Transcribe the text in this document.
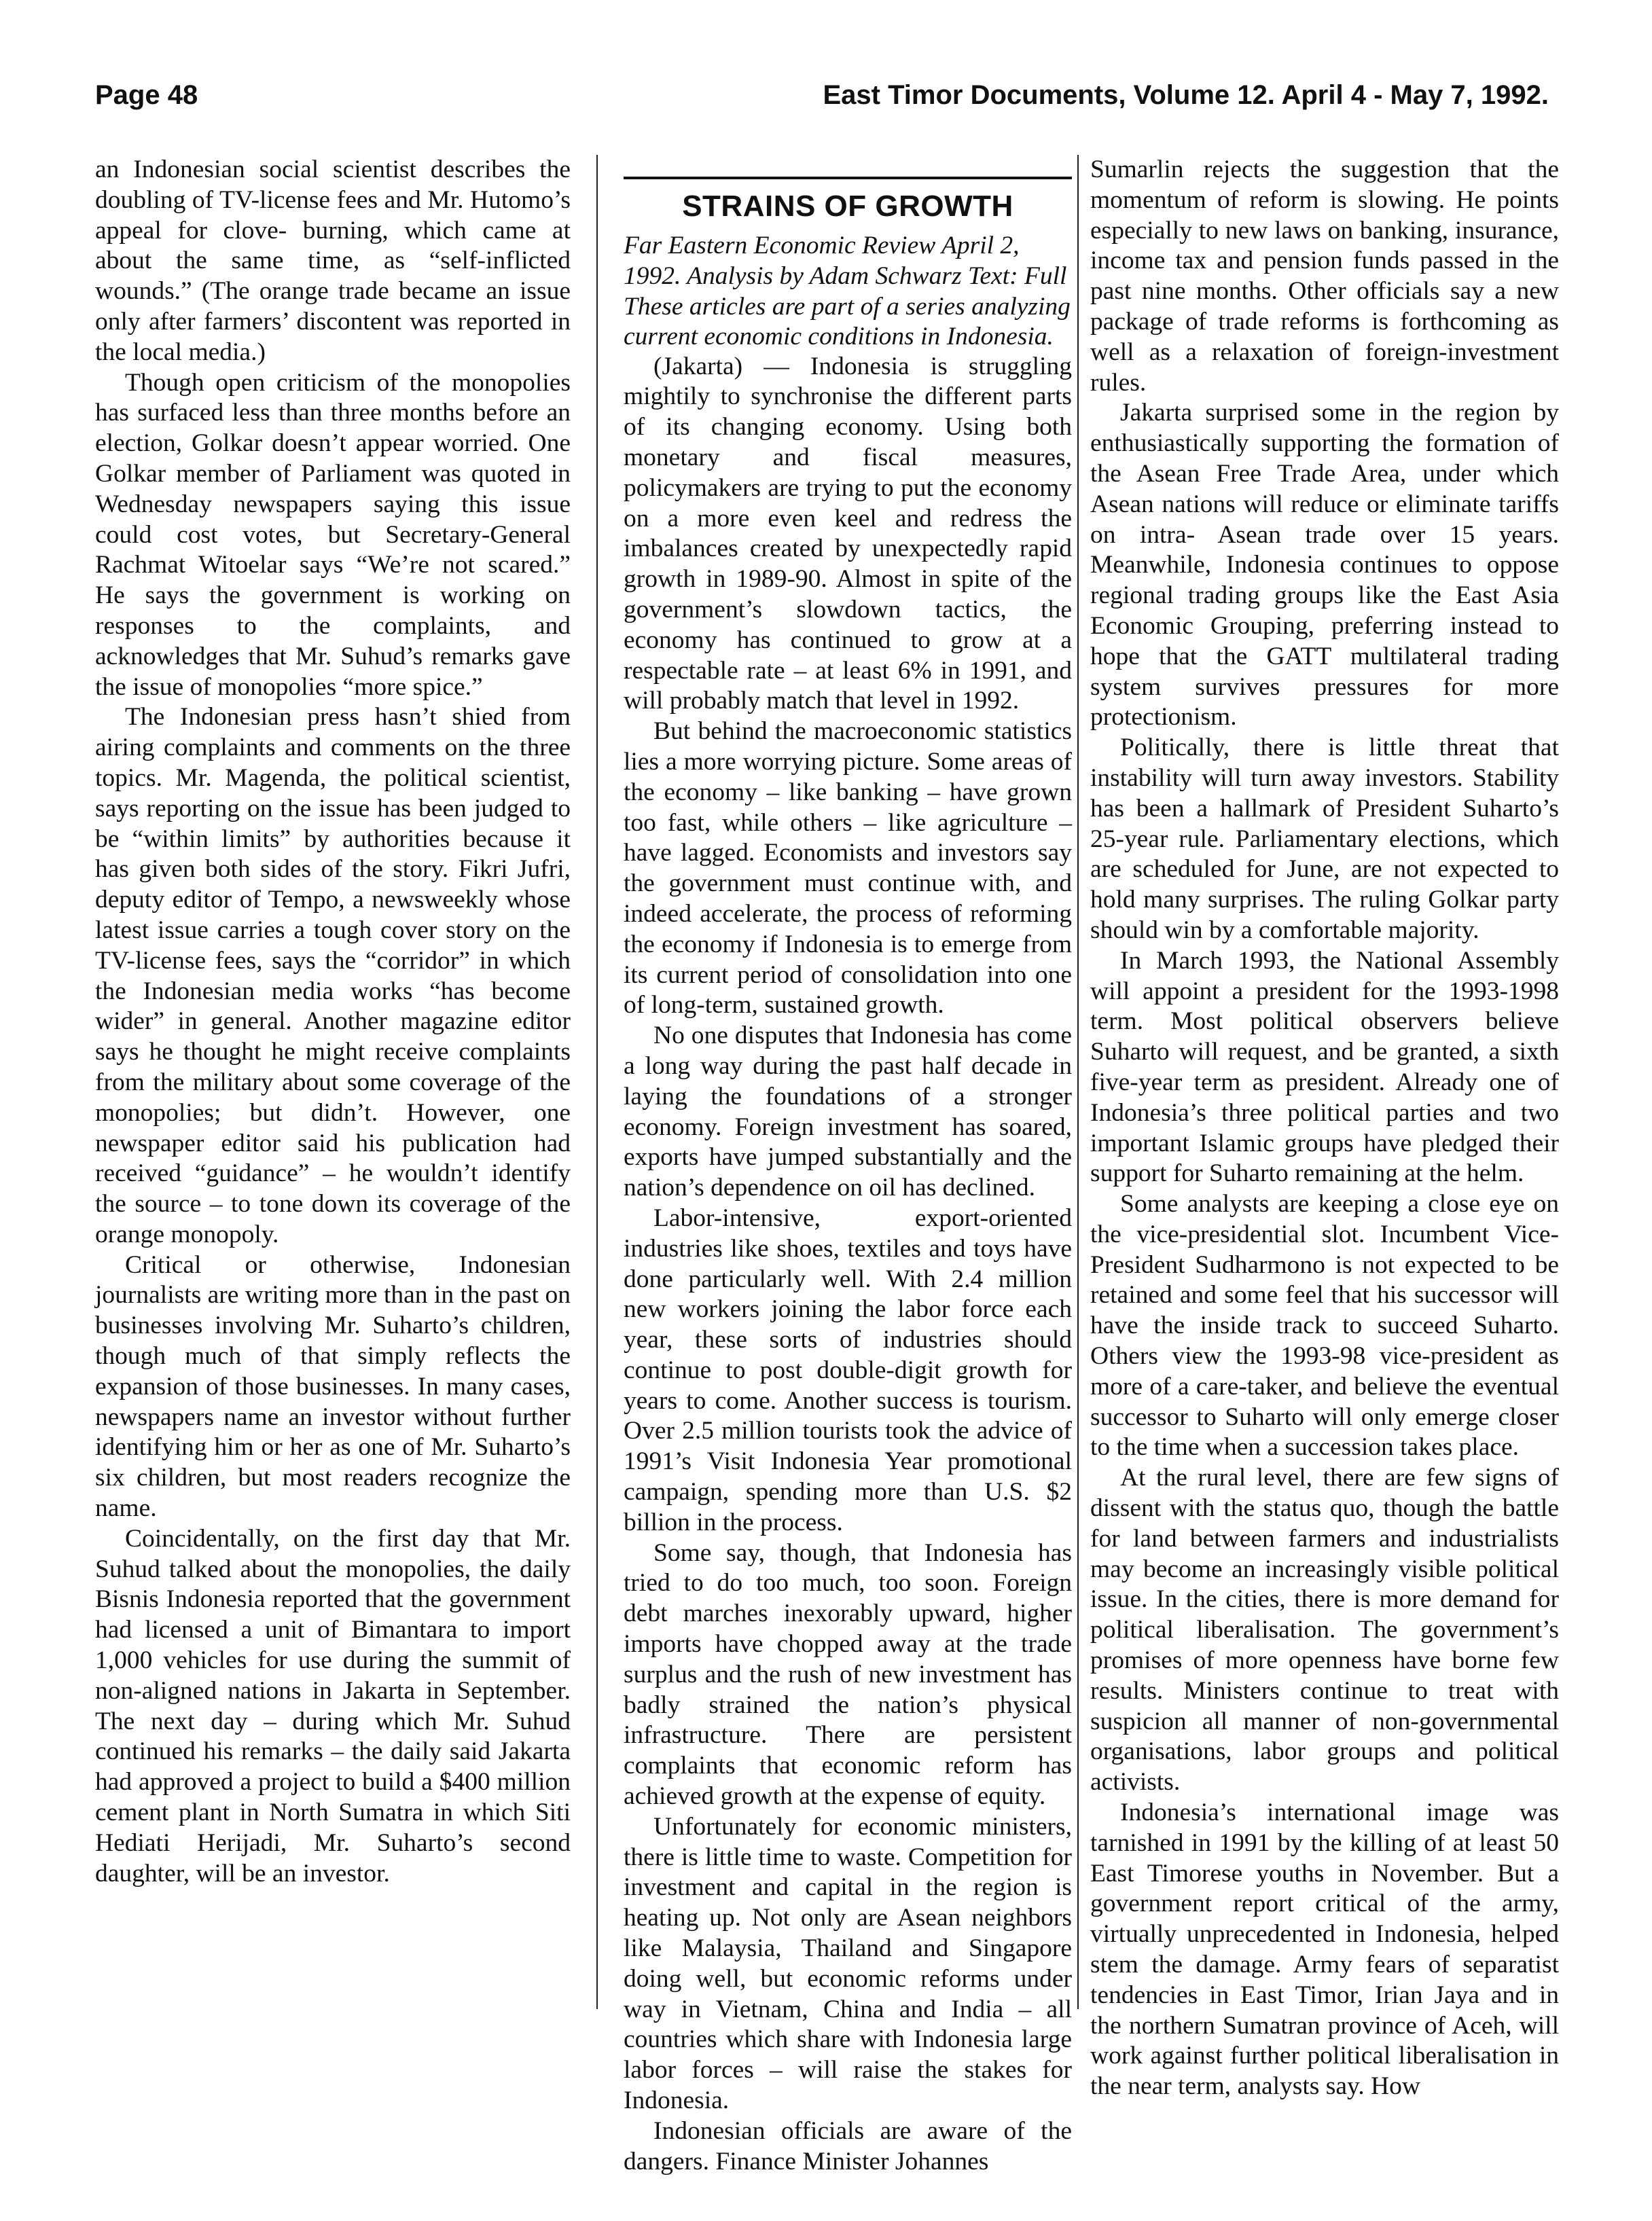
Page 48	East Timor Documents, Volume 12. April 4 - May 7, 1992.

an Indonesian social scientist describes the doubling of TV-license fees and Mr. Hutomo’s appeal for clove- burning, which came at about the same time, as “self-inflicted wounds.” (The orange trade became an issue only after farmers’ discontent was reported in the local media.)

Though open criticism of the monopolies has surfaced less than three months before an election, Golkar doesn’t appear worried. One Golkar member of Parliament was quoted in Wednesday newspapers saying this issue could cost votes, but Secretary-General Rachmat Witoelar says “We’re not scared.” He says the government is working on responses to the complaints, and acknowledges that Mr. Suhud’s remarks gave the issue of monopolies “more spice.”

The Indonesian press hasn’t shied from airing complaints and comments on the three topics. Mr. Magenda, the political scientist, says reporting on the issue has been judged to be “within limits” by authorities because it has given both sides of the story. Fikri Jufri, deputy editor of Tempo, a newsweekly whose latest issue carries a tough cover story on the TV-license fees, says the “corridor” in which the Indonesian media works “has become wider” in general. Another magazine editor says he thought he might receive complaints from the military about some coverage of the monopolies; but didn’t. However, one newspaper editor said his publication had received “guidance” – he wouldn’t identify the source – to tone down its coverage of the orange monopoly.

Critical or otherwise, Indonesian journalists are writing more than in the past on businesses involving Mr. Suharto’s children, though much of that simply reflects the expansion of those businesses. In many cases, newspapers name an investor without further identifying him or her as one of Mr. Suharto’s six children, but most readers recognize the name.

Coincidentally, on the first day that Mr. Suhud talked about the monopolies, the daily Bisnis Indonesia reported that the government had licensed a unit of Bimantara to import 1,000 vehicles for use during the summit of non-aligned nations in Jakarta in September. The next day – during which Mr. Suhud continued his remarks – the daily said Jakarta had approved a project to build a $400 million cement plant in North Sumatra in which Siti Hediati Herijadi, Mr. Suharto’s second daughter, will be an investor.

STRAINS OF GROWTH

Far Eastern Economic Review April 2, 1992. Analysis by Adam Schwarz Text: Full

These articles are part of a series analyzing current economic conditions in Indonesia.

(Jakarta) — Indonesia is struggling mightily to synchronise the different parts of its changing economy. Using both monetary and fiscal measures, policymakers are trying to put the economy on a more even keel and redress the imbalances created by unexpectedly rapid growth in 1989-90. Almost in spite of the government’s slowdown tactics, the economy has continued to grow at a respectable rate – at least 6% in 1991, and will probably match that level in 1992.

But behind the macroeconomic statistics lies a more worrying picture. Some areas of the economy – like banking – have grown too fast, while others – like agriculture – have lagged. Economists and investors say the government must continue with, and indeed accelerate, the process of reforming the economy if Indonesia is to emerge from its current period of consolidation into one of long-term, sustained growth.

No one disputes that Indonesia has come a long way during the past half decade in laying the foundations of a stronger economy. Foreign investment has soared, exports have jumped substantially and the nation’s dependence on oil has declined.

Labor-intensive, export-oriented industries like shoes, textiles and toys have done particularly well. With 2.4 million new workers joining the labor force each year, these sorts of industries should continue to post double-digit growth for years to come. Another success is tourism. Over 2.5 million tourists took the advice of 1991’s Visit Indonesia Year promotional campaign, spending more than U.S. $2 billion in the process.

Some say, though, that Indonesia has tried to do too much, too soon. Foreign debt marches inexorably upward, higher imports have chopped away at the trade surplus and the rush of new investment has badly strained the nation’s physical infrastructure. There are persistent complaints that economic reform has achieved growth at the expense of equity.

Unfortunately for economic ministers, there is little time to waste. Competition for investment and capital in the region is heating up. Not only are Asean neighbors like Malaysia, Thailand and Singapore doing well, but economic reforms under way in Vietnam, China and India – all countries which share with Indonesia large labor forces – will raise the stakes for Indonesia.

Indonesian officials are aware of the dangers. Finance Minister Johannes

Sumarlin rejects the suggestion that the momentum of reform is slowing. He points especially to new laws on banking, insurance, income tax and pension funds passed in the past nine months. Other officials say a new package of trade reforms is forthcoming as well as a relaxation of foreign-investment rules.

Jakarta surprised some in the region by enthusiastically supporting the formation of the Asean Free Trade Area, under which Asean nations will reduce or eliminate tariffs on intra- Asean trade over 15 years. Meanwhile, Indonesia continues to oppose regional trading groups like the East Asia Economic Grouping, preferring instead to hope that the GATT multilateral trading system survives pressures for more protectionism.

Politically, there is little threat that instability will turn away investors. Stability has been a hallmark of President Suharto’s 25-year rule. Parliamentary elections, which are scheduled for June, are not expected to hold many surprises. The ruling Golkar party should win by a comfortable majority.

In March 1993, the National Assembly will appoint a president for the 1993-1998 term. Most political observers believe Suharto will request, and be granted, a sixth five-year term as president. Already one of Indonesia’s three political parties and two important Islamic groups have pledged their support for Suharto remaining at the helm.

Some analysts are keeping a close eye on the vice-presidential slot. Incumbent Vice-President Sudharmono is not expected to be retained and some feel that his successor will have the inside track to succeed Suharto. Others view the 1993-98 vice-president as more of a care-taker, and believe the eventual successor to Suharto will only emerge closer to the time when a succession takes place.

At the rural level, there are few signs of dissent with the status quo, though the battle for land between farmers and industrialists may become an increasingly visible political issue. In the cities, there is more demand for political liberalisation. The government’s promises of more openness have borne few results. Ministers continue to treat with suspicion all manner of non-governmental organisations, labor groups and political activists.

Indonesia’s international image was tarnished in 1991 by the killing of at least 50 East Timorese youths in November. But a government report critical of the army, virtually unprecedented in Indonesia, helped stem the damage. Army fears of separatist tendencies in East Timor, Irian Jaya and in the northern Sumatran province of Aceh, will work against further political liberalisation in the near term, analysts say. How
